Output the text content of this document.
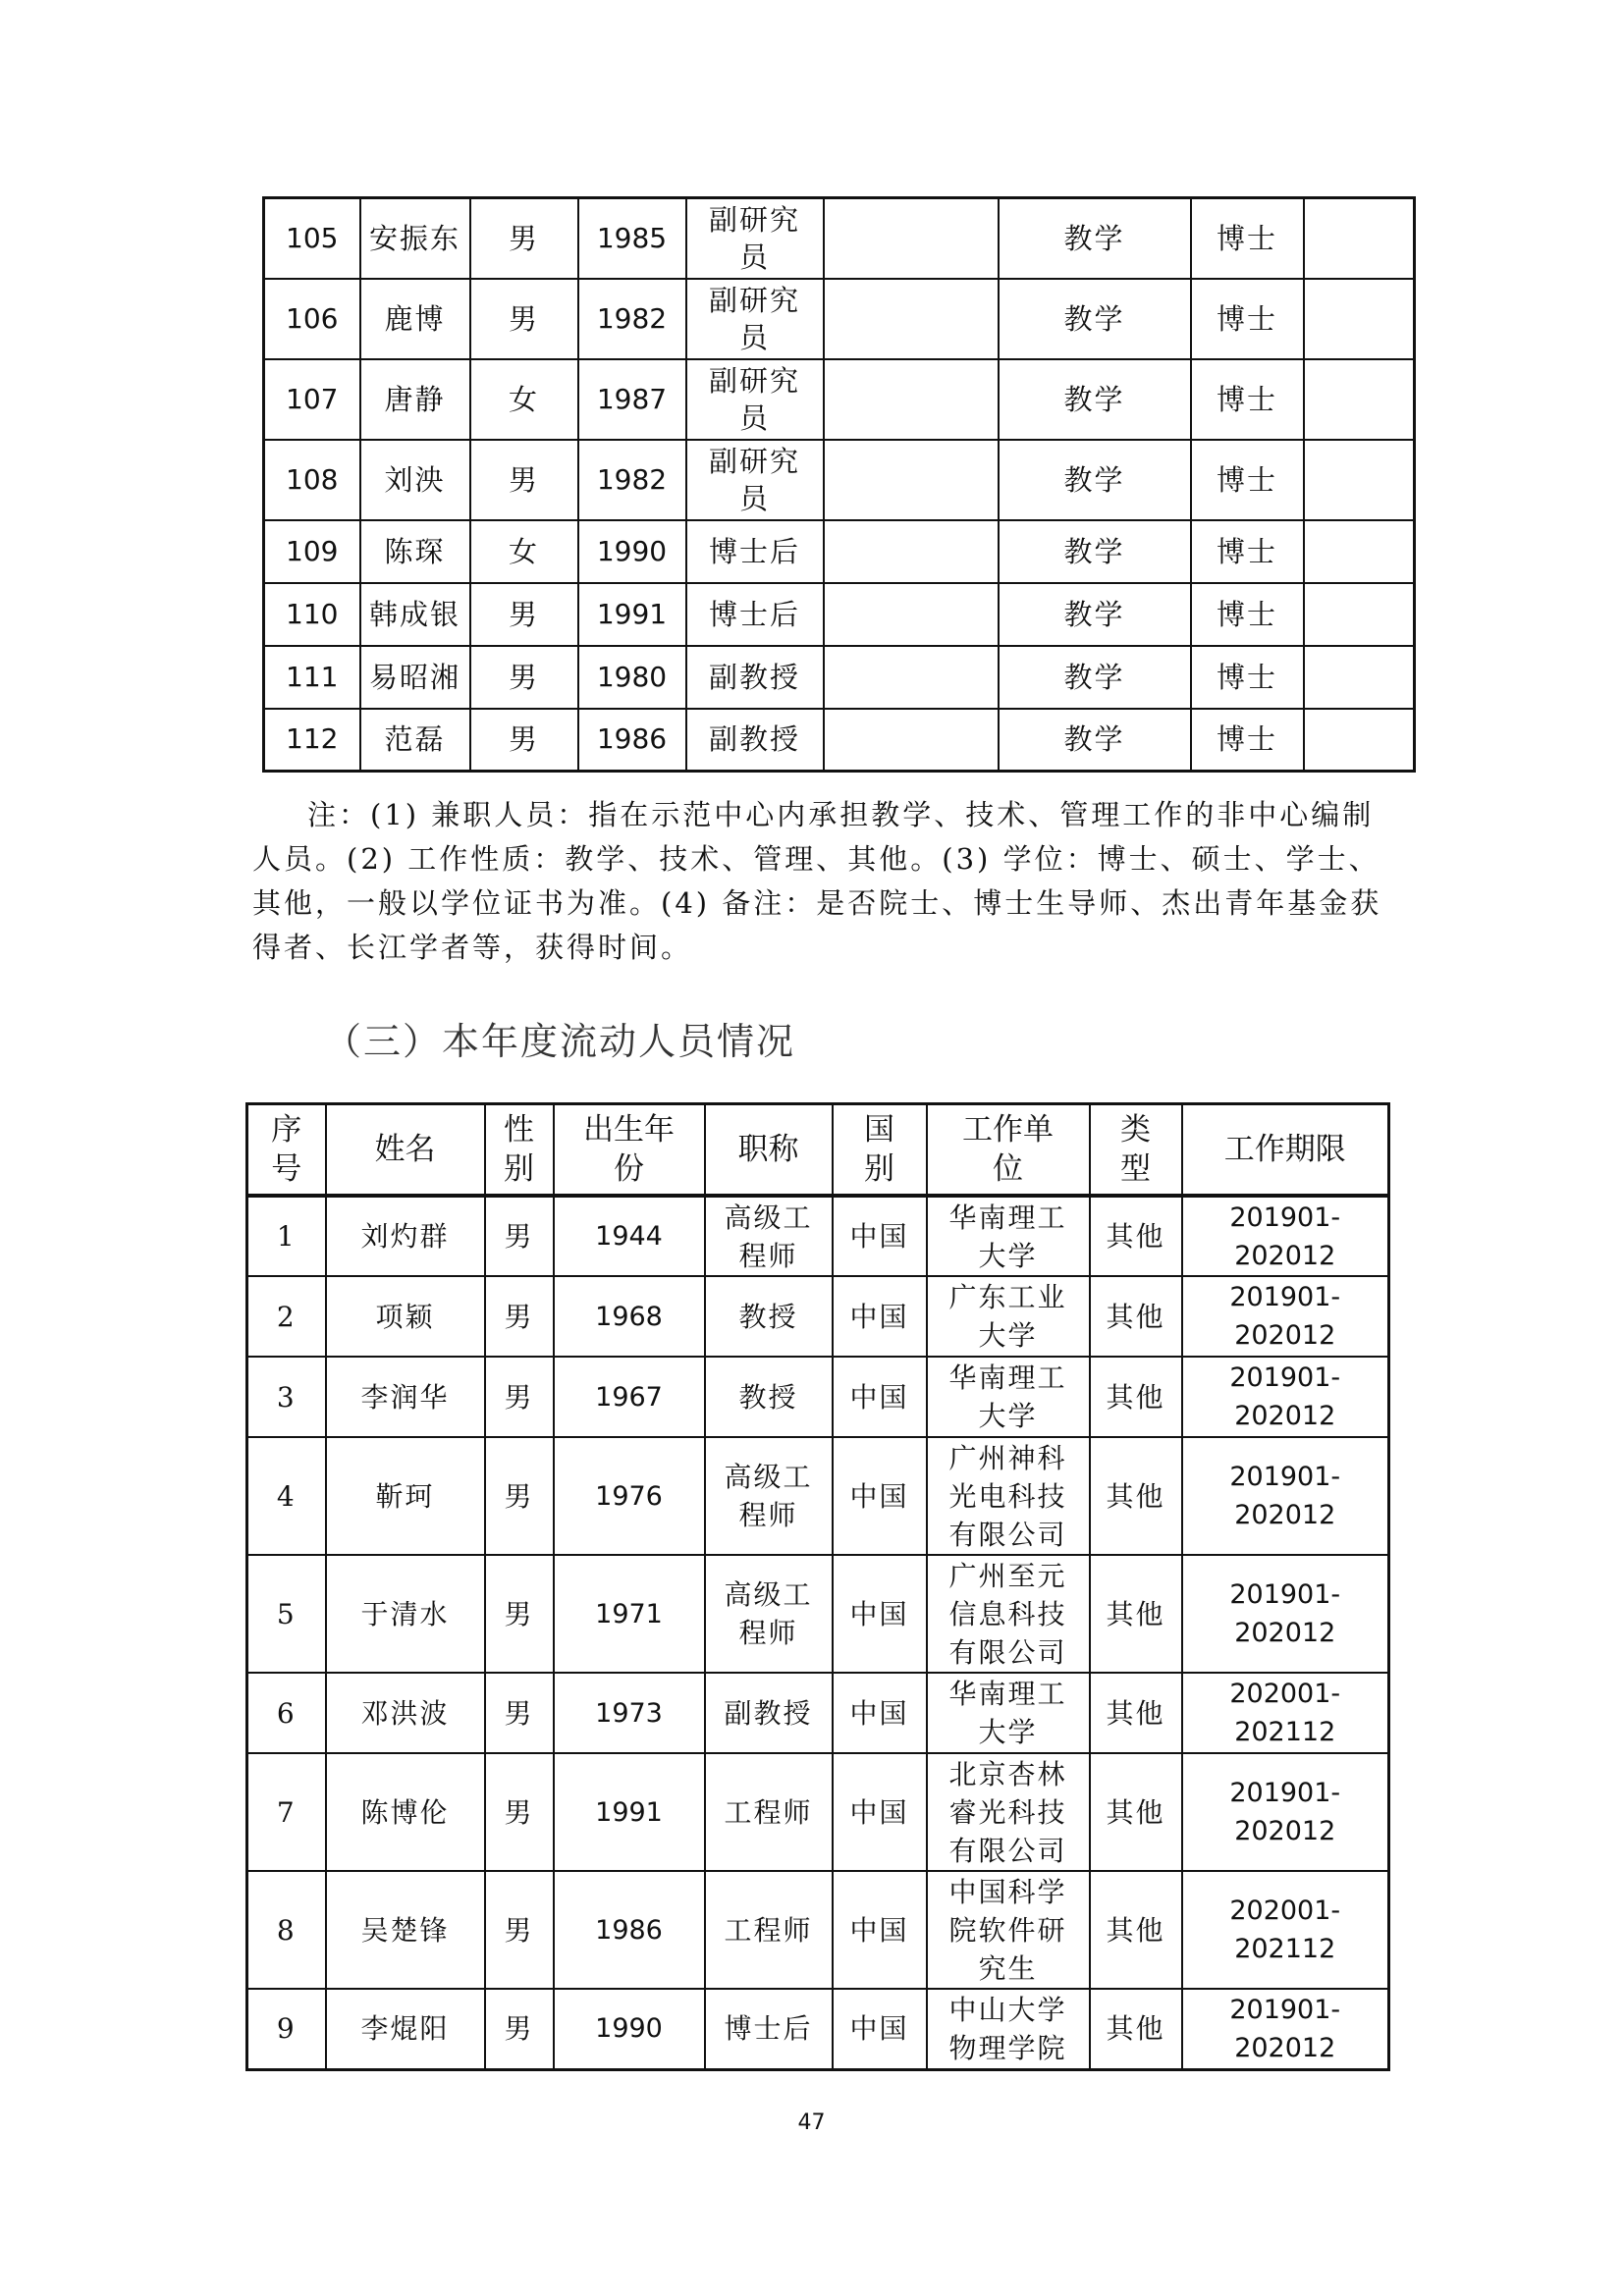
105	安振东	男	1985	副研究员		教学	博士	
106	鹿博	男	1982	副研究员		教学	博士	
107	唐静	女	1987	副研究员		教学	博士	
108	刘泱	男	1982	副研究员		教学	博士	
109	陈琛	女	1990	博士后		教学	博士	
110	韩成银	男	1991	博士后		教学	博士	
111	易昭湘	男	1980	副教授		教学	博士	
112	范磊	男	1986	副教授		教学	博士	

注：(1) 兼职人员：指在示范中心内承担教学、技术、管理工作的非中心编制人员。(2) 工作性质：教学、技术、管理、其他。(3) 学位：博士、硕士、学士、其他，一般以学位证书为准。(4) 备注：是否院士、博士生导师、杰出青年基金获得者、长江学者等，获得时间。

（三）本年度流动人员情况
序号	姓名	性别	出生年份	职称	国别	工作单位	类型	工作期限
1	刘灼群	男	1944	高级工程师	中国	华南理工大学	其他	201901-
202012

2	项颖	男	1968	教授	中国	广东工业大学	其他	201901-
202012

3	李润华	男	1967	教授	中国	华南理工大学	其他	201901-
202012

4	靳珂	男	1976	高级工程师	中国	广州神科光电科技有限公司	其他	201901-
202012

5	于清水	男	1971	高级工程师	中国	广州至元信息科技有限公司	其他	201901-
202012

6	邓洪波	男	1973	副教授	中国	华南理工大学	其他	202001-
202112

7	陈博伦	男	1991	工程师	中国	北京杏林睿光科技有限公司	其他	201901-
202012

8	吴楚锋	男	1986	工程师	中国	中国科学院软件研究生	其他	202001-
202112

9	李焜阳	男	1990	博士后	中国	中山大学物理学院	其他	201901-
202012
47
